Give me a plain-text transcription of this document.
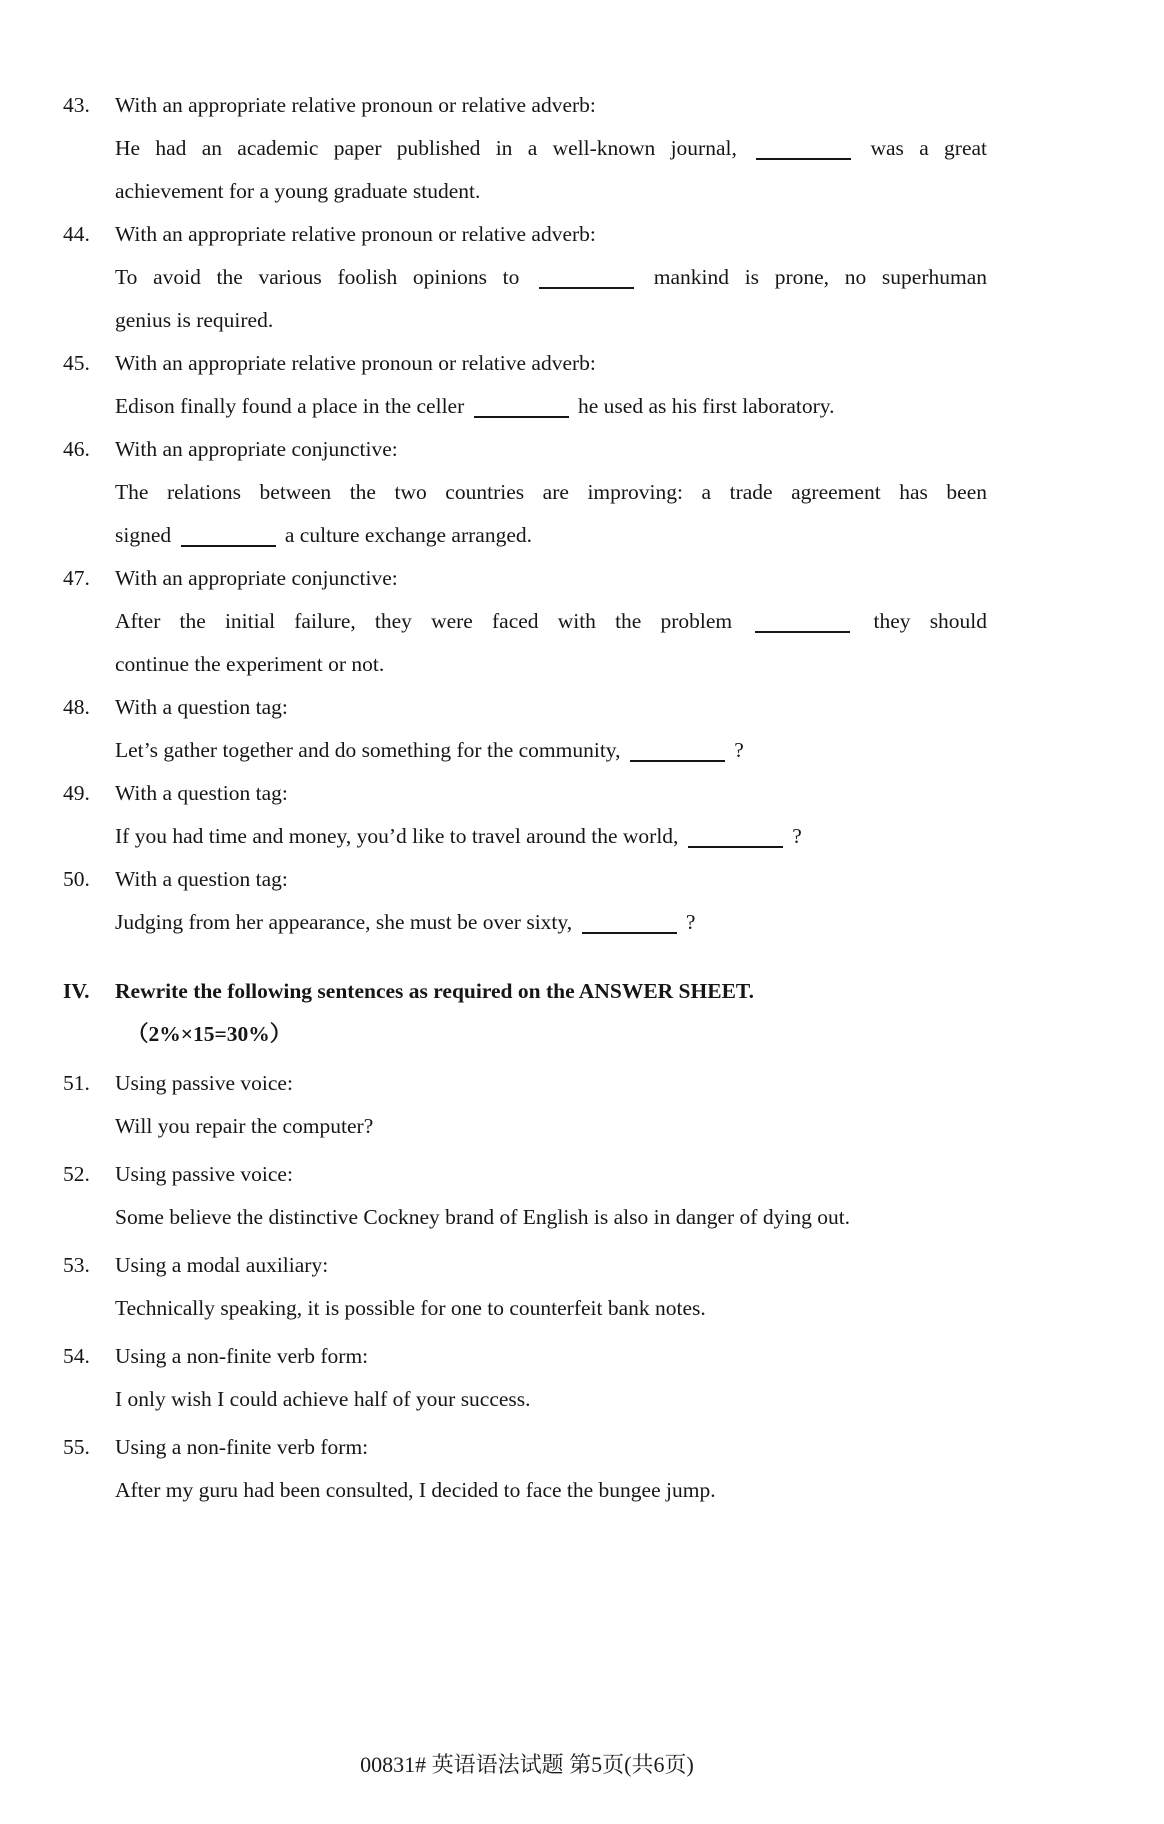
43.	With an appropriate relative pronoun or relative adverb:
He had an academic paper published in a well-known journal,	was a great
achievement for a young graduate student.
44.	With an appropriate relative pronoun or relative adverb:
To avoid the various foolish opinions to	mankind is prone, no superhuman
genius is required.
45.	With an appropriate relative pronoun or relative adverb:
Edison finally found a place in the celler	he used as his first laboratory.
46.	With an appropriate conjunctive:
The relations between the two countries are improving: a trade agreement has been
signed	a culture exchange arranged.
47.	With an appropriate conjunctive:
After the initial failure, they were faced with the problem	they should
continue the experiment or not.
48.	With a question tag:
Let’s gather together and do something for the community,	?
49.	With a question tag:
If you had time and money, you’d like to travel around the world,	?
50.	With a question tag:
Judging from her appearance, she must be over sixty,	?
IV.	Rewrite the following sentences as required on the ANSWER SHEET.
（2%×15=30%）
51.	Using passive voice:
Will you repair the computer?
52.	Using passive voice:
Some believe the distinctive Cockney brand of English is also in danger of dying out.
53.	Using a modal auxiliary:
Technically speaking, it is possible for one to counterfeit bank notes.
54.	Using a non-finite verb form:
I only wish I could achieve half of your success.
55.	Using a non-finite verb form:
After my guru had been consulted, I decided to face the bungee jump.
00831# 英语语法试题 第5页(共6页)
